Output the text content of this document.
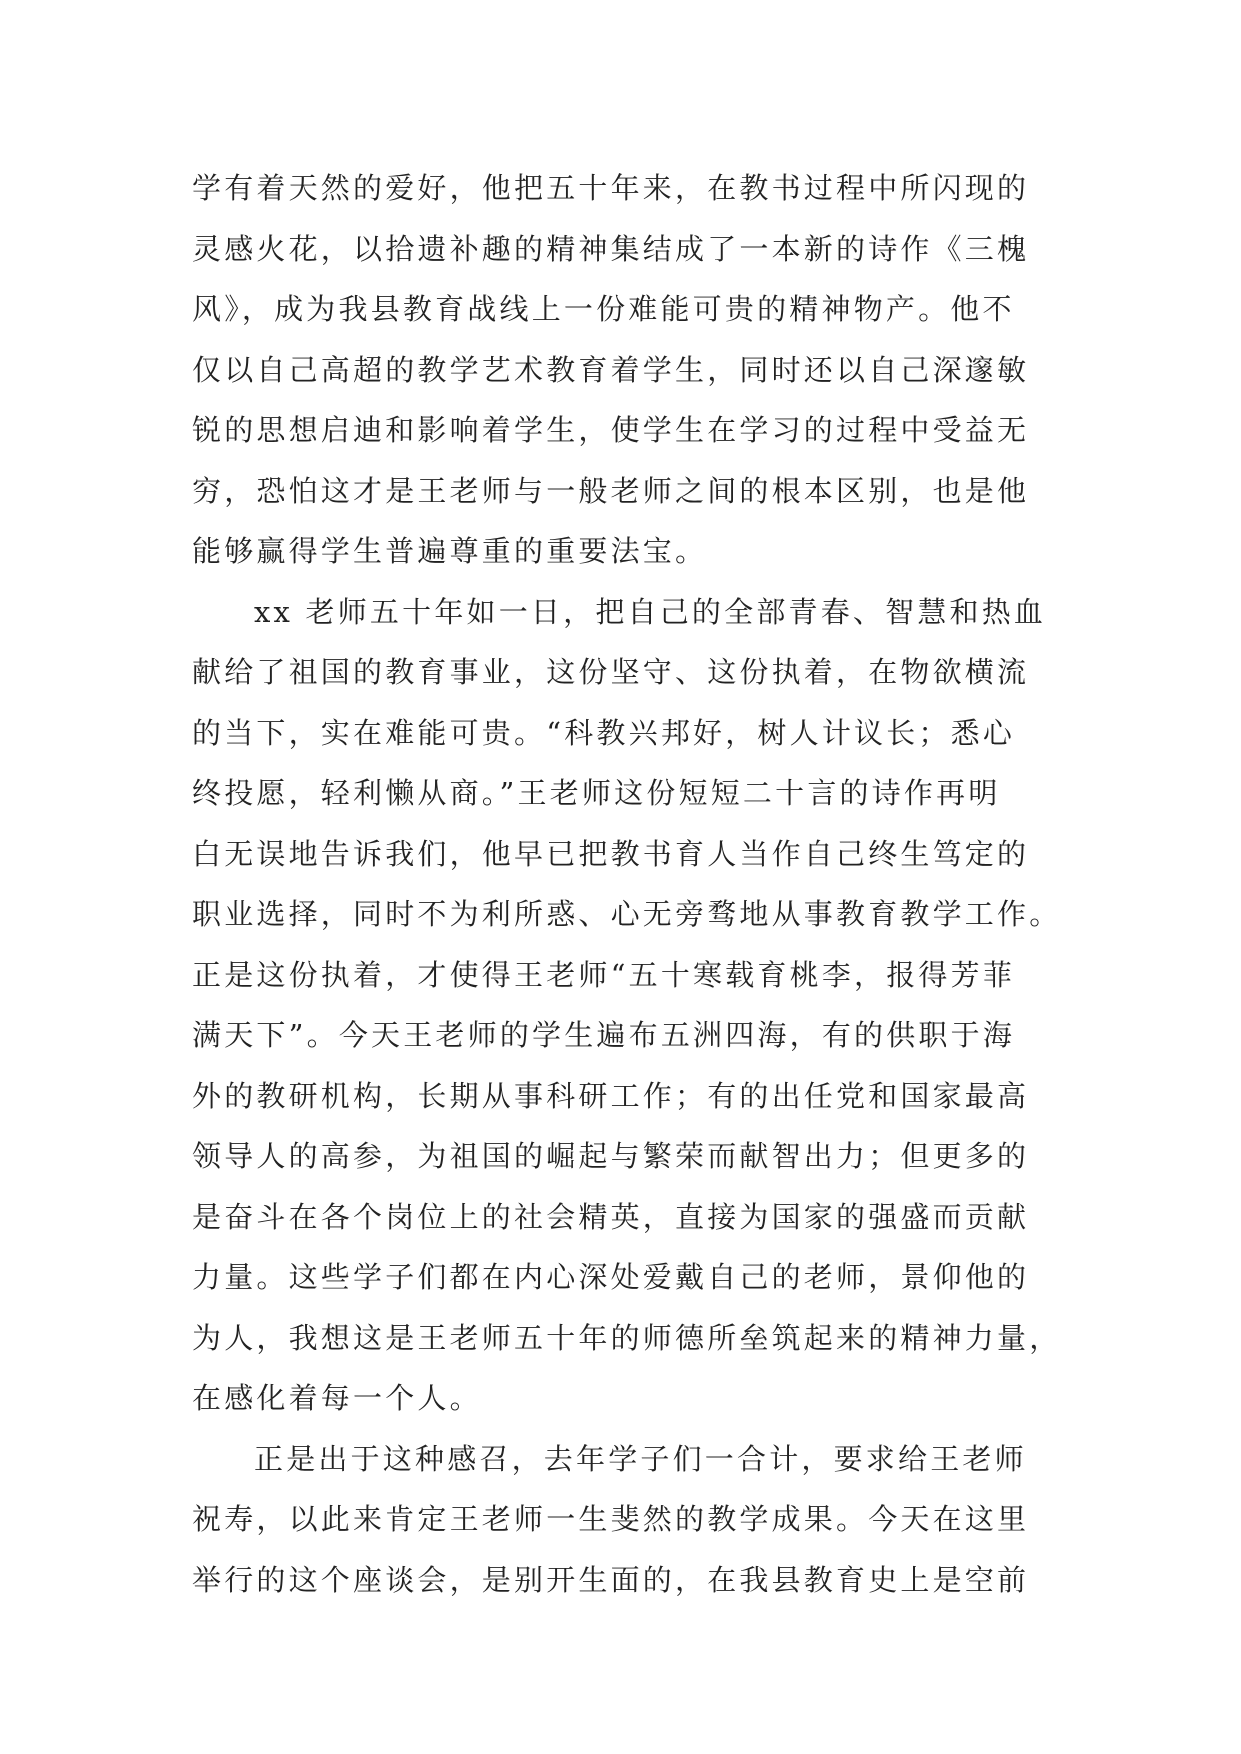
学有着天然的爱好，他把五十年来，在教书过程中所闪现的
灵感火花，以拾遗补趣的精神集结成了一本新的诗作《三槐
风》，成为我县教育战线上一份难能可贵的精神物产。他不
仅以自己高超的教学艺术教育着学生，同时还以自己深邃敏
锐的思想启迪和影响着学生，使学生在学习的过程中受益无
穷，恐怕这才是王老师与一般老师之间的根本区别，也是他
能够赢得学生普遍尊重的重要法宝。

xx 老师五十年如一日，把自己的全部青春、智慧和热血
献给了祖国的教育事业，这份坚守、这份执着，在物欲横流
的当下，实在难能可贵。“科教兴邦好，树人计议长；悉心
终投愿，轻利懒从商。”王老师这份短短二十言的诗作再明
白无误地告诉我们，他早已把教书育人当作自己终生笃定的
职业选择，同时不为利所惑、心无旁骛地从事教育教学工作。
正是这份执着，才使得王老师“五十寒载育桃李，报得芳菲
满天下”。今天王老师的学生遍布五洲四海，有的供职于海
外的教研机构，长期从事科研工作；有的出任党和国家最高
领导人的高参，为祖国的崛起与繁荣而献智出力；但更多的
是奋斗在各个岗位上的社会精英，直接为国家的强盛而贡献
力量。这些学子们都在内心深处爱戴自己的老师，景仰他的
为人，我想这是王老师五十年的师德所垒筑起来的精神力量，
在感化着每一个人。

正是出于这种感召，去年学子们一合计，要求给王老师
祝寿，以此来肯定王老师一生斐然的教学成果。今天在这里
举行的这个座谈会，是别开生面的，在我县教育史上是空前
